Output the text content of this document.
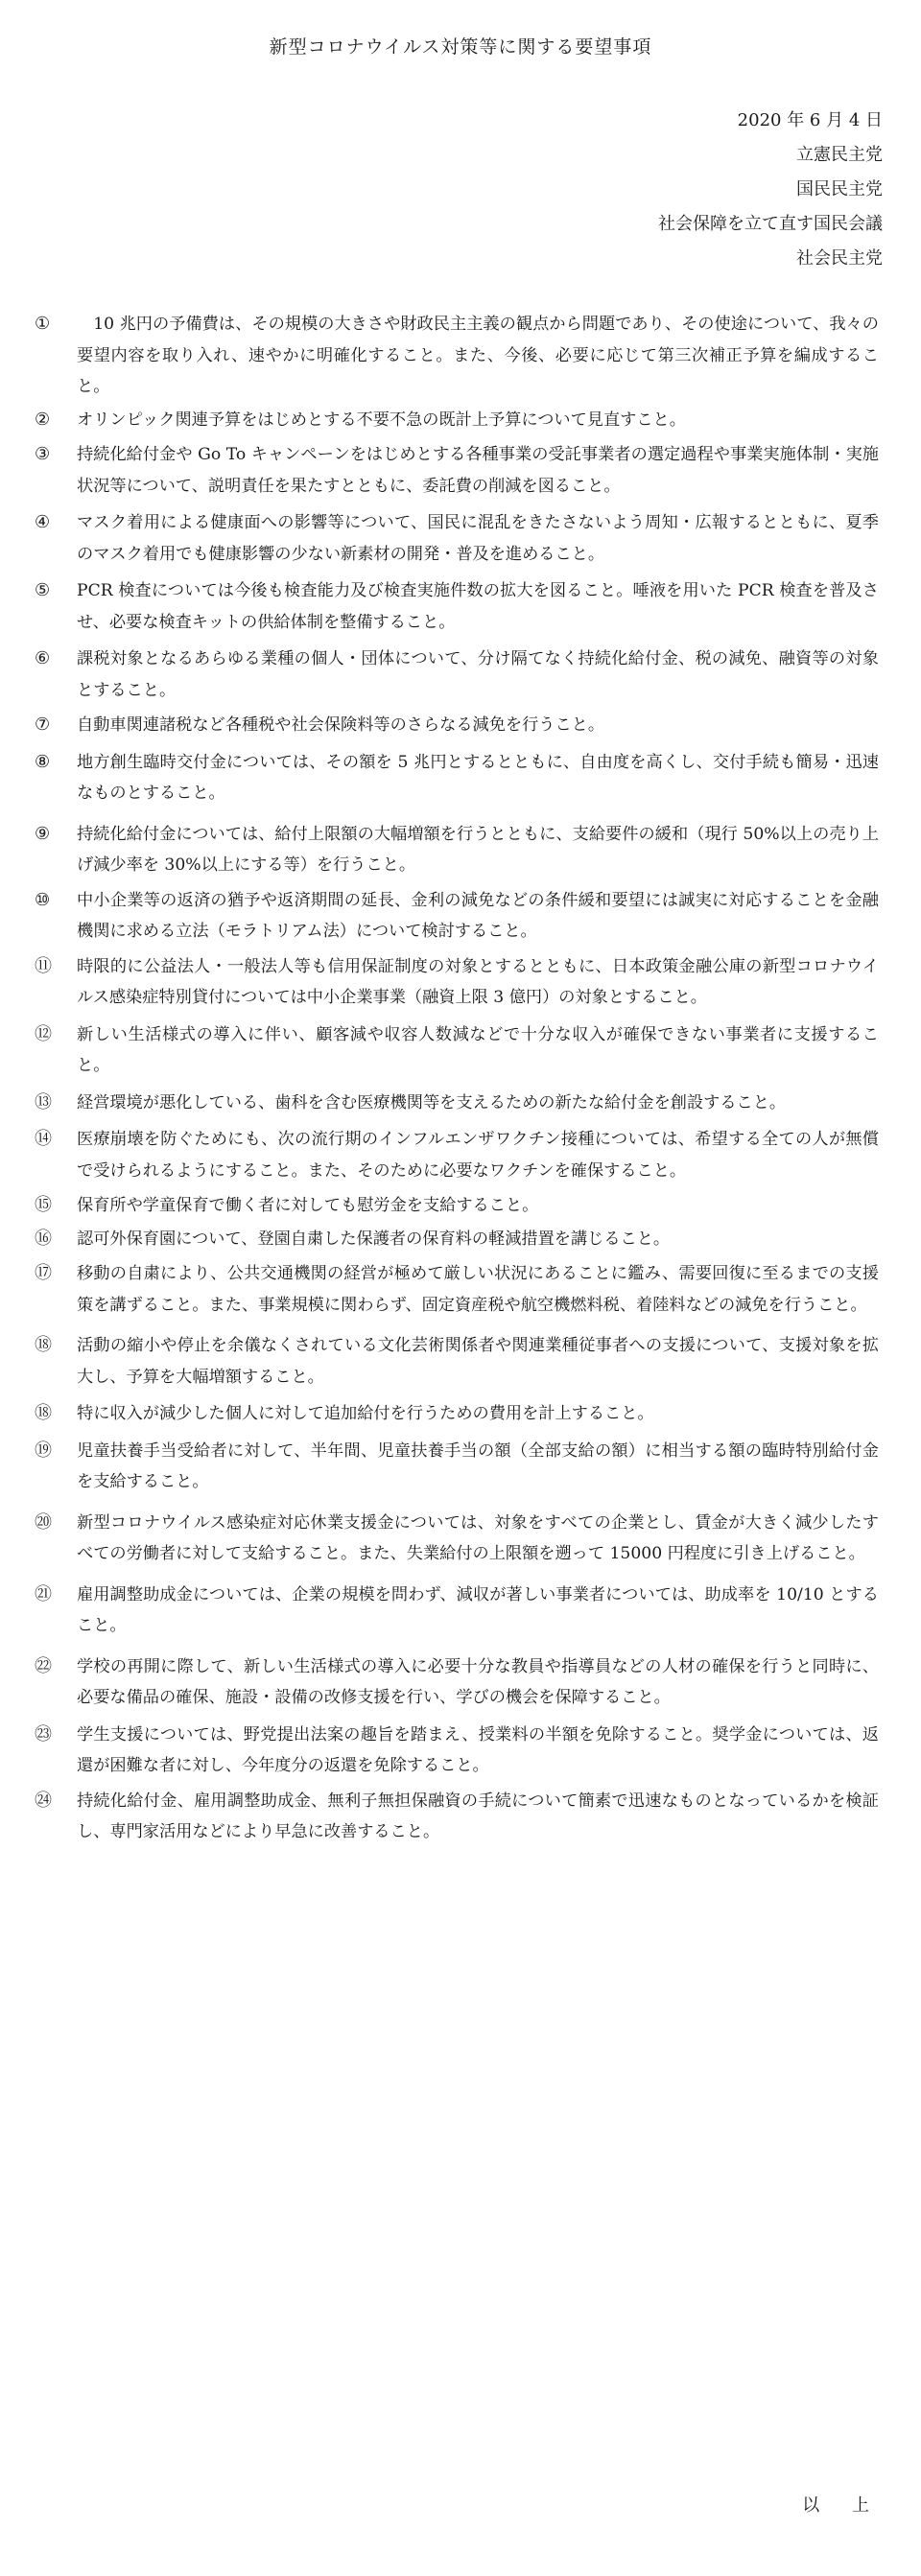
新型コロナウイルス対策等に関する要望事項
2020 年 6 月 4 日
立憲民主党
国民民主党
社会保障を立て直す国民会議
社会民主党
①	　10 兆円の予備費は、その規模の大きさや財政民主主義の観点から問題であり、その使途について、我々の要望内容を取り入れ、速やかに明確化すること。また、今後、必要に応じて第三次補正予算を編成すること。
②	オリンピック関連予算をはじめとする不要不急の既計上予算について見直すこと。
③	持続化給付金や Go To キャンペーンをはじめとする各種事業の受託事業者の選定過程や事業実施体制・実施状況等について、説明責任を果たすとともに、委託費の削減を図ること。
④	マスク着用による健康面への影響等について、国民に混乱をきたさないよう周知・広報するとともに、夏季のマスク着用でも健康影響の少ない新素材の開発・普及を進めること。
⑤	PCR 検査については今後も検査能力及び検査実施件数の拡大を図ること。唾液を用いた PCR 検査を普及させ、必要な検査キットの供給体制を整備すること。
⑥	課税対象となるあらゆる業種の個人・団体について、分け隔てなく持続化給付金、税の減免、融資等の対象とすること。
⑦	自動車関連諸税など各種税や社会保険料等のさらなる減免を行うこと。
⑧	地方創生臨時交付金については、その額を 5 兆円とするとともに、自由度を高くし、交付手続も簡易・迅速なものとすること。
⑨	持続化給付金については、給付上限額の大幅増額を行うとともに、支給要件の緩和（現行 50%以上の売り上げ減少率を 30%以上にする等）を行うこと。
⑩	中小企業等の返済の猶予や返済期間の延長、金利の減免などの条件緩和要望には誠実に対応することを金融機関に求める立法（モラトリアム法）について検討すること。
⑪	時限的に公益法人・一般法人等も信用保証制度の対象とするとともに、日本政策金融公庫の新型コロナウイルス感染症特別貸付については中小企業事業（融資上限 3 億円）の対象とすること。
⑫	新しい生活様式の導入に伴い、顧客減や収容人数減などで十分な収入が確保できない事業者に支援すること。
⑬	経営環境が悪化している、歯科を含む医療機関等を支えるための新たな給付金を創設すること。
⑭	医療崩壊を防ぐためにも、次の流行期のインフルエンザワクチン接種については、希望する全ての人が無償で受けられるようにすること。また、そのために必要なワクチンを確保すること。
⑮	保育所や学童保育で働く者に対しても慰労金を支給すること。
⑯	認可外保育園について、登園自粛した保護者の保育料の軽減措置を講じること。
⑰	移動の自粛により、公共交通機関の経営が極めて厳しい状況にあることに鑑み、需要回復に至るまでの支援策を講ずること。また、事業規模に関わらず、固定資産税や航空機燃料税、着陸料などの減免を行うこと。
⑱	活動の縮小や停止を余儀なくされている文化芸術関係者や関連業種従事者への支援について、支援対象を拡大し、予算を大幅増額すること。
⑱	特に収入が減少した個人に対して追加給付を行うための費用を計上すること。
⑲	児童扶養手当受給者に対して、半年間、児童扶養手当の額（全部支給の額）に相当する額の臨時特別給付金を支給すること。
⑳	新型コロナウイルス感染症対応休業支援金については、対象をすべての企業とし、賃金が大きく減少したすべての労働者に対して支給すること。また、失業給付の上限額を遡って 15000 円程度に引き上げること。
㉑	雇用調整助成金については、企業の規模を問わず、減収が著しい事業者については、助成率を 10/10 とすること。
㉒	学校の再開に際して、新しい生活様式の導入に必要十分な教員や指導員などの人材の確保を行うと同時に、必要な備品の確保、施設・設備の改修支援を行い、学びの機会を保障すること。
㉓	学生支援については、野党提出法案の趣旨を踏まえ、授業料の半額を免除すること。奨学金については、返還が困難な者に対し、今年度分の返還を免除すること。
㉔	持続化給付金、雇用調整助成金、無利子無担保融資の手続について簡素で迅速なものとなっているかを検証し、専門家活用などにより早急に改善すること。
以 上
